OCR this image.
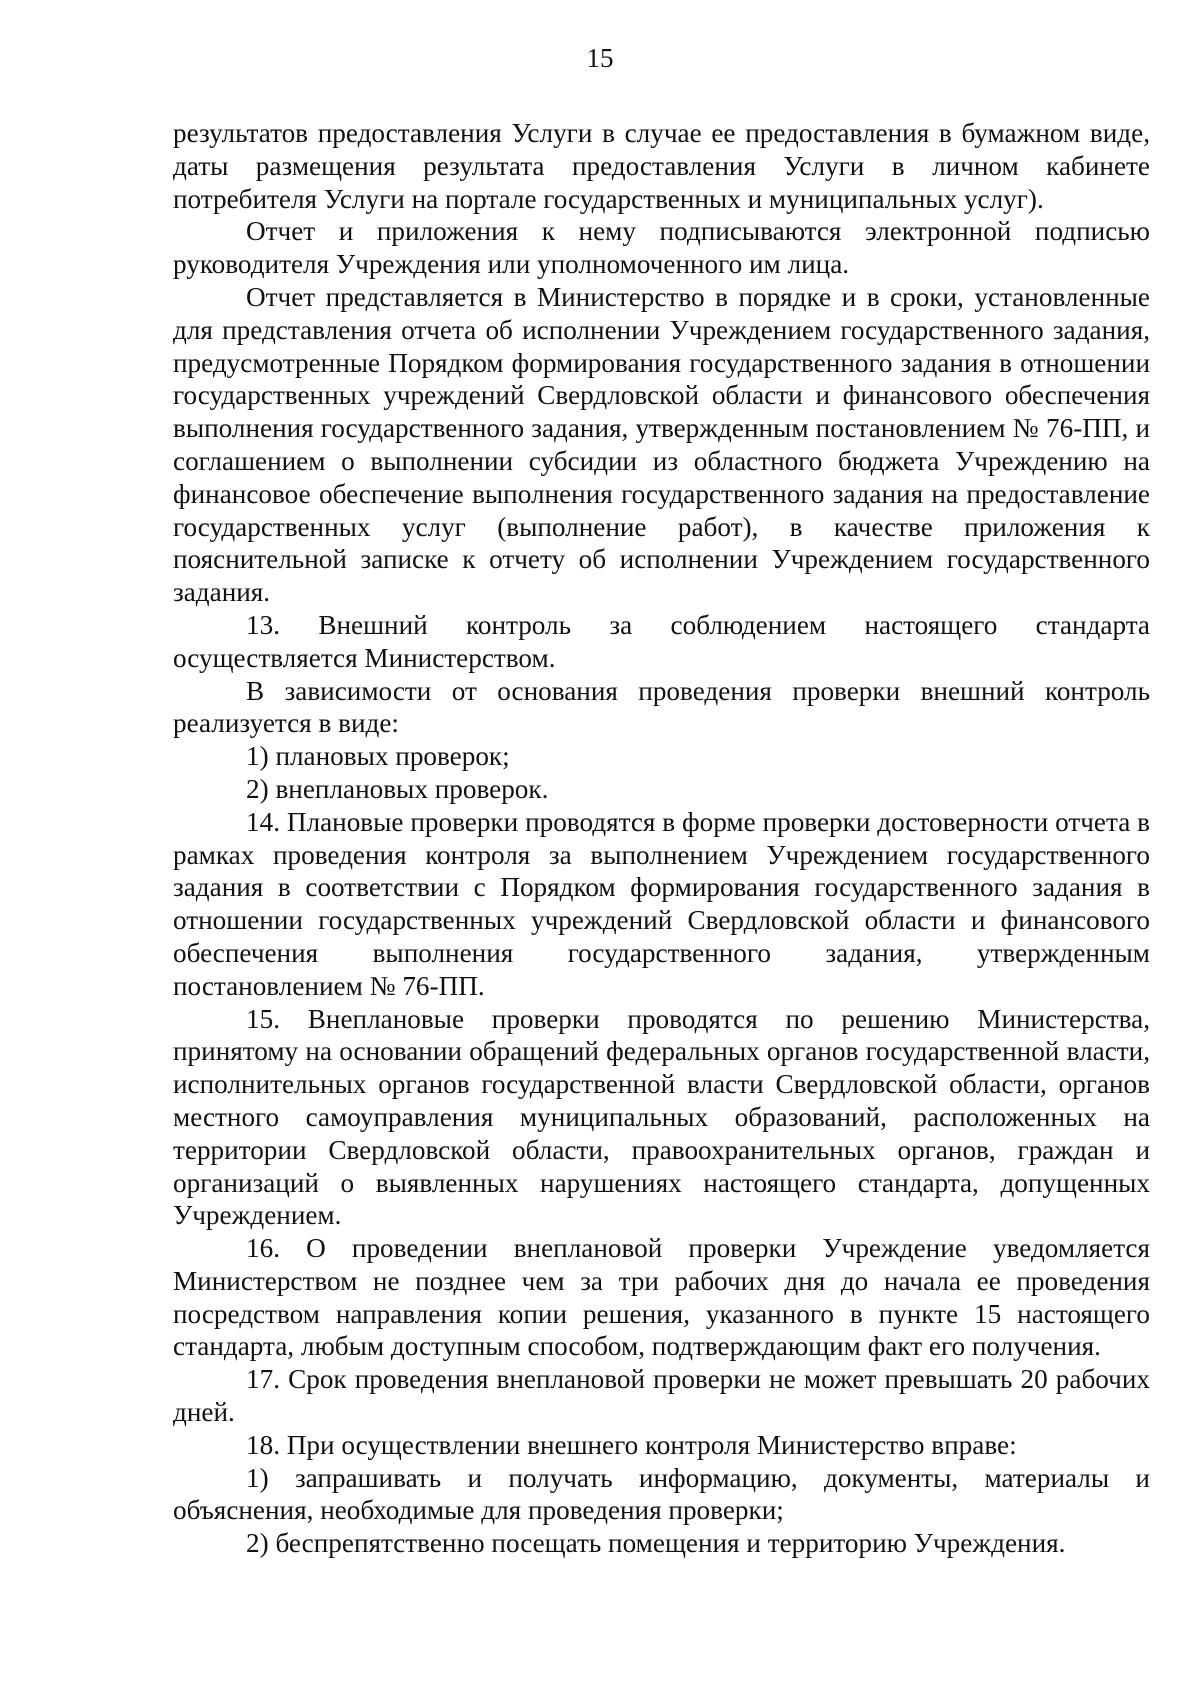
15

результатов предоставления Услуги в случае ее предоставления в бумажном виде, даты размещения результата предоставления Услуги в личном кабинете потребителя Услуги на портале государственных и муниципальных услуг).

Отчет и приложения к нему подписываются электронной подписью руководителя Учреждения или уполномоченного им лица.

Отчет представляется в Министерство в порядке и в сроки, установленные для представления отчета об исполнении Учреждением государственного задания, предусмотренные Порядком формирования государственного задания в отношении государственных учреждений Свердловской области и финансового обеспечения выполнения государственного задания, утвержденным постановлением № 76-ПП, и соглашением о выполнении субсидии из областного бюджета Учреждению на финансовое обеспечение выполнения государственного задания на предоставление государственных услуг (выполнение работ), в качестве приложения к пояснительной записке к отчету об исполнении Учреждением государственного задания.

13. Внешний контроль за соблюдением настоящего стандарта осуществляется Министерством.

В зависимости от основания проведения проверки внешний контроль реализуется в виде:

1) плановых проверок;

2) внеплановых проверок.

14. Плановые проверки проводятся в форме проверки достоверности отчета в рамках проведения контроля за выполнением Учреждением государственного задания в соответствии с Порядком формирования государственного задания в отношении государственных учреждений Свердловской области и финансового обеспечения выполнения государственного задания, утвержденным постановлением № 76-ПП.

15. Внеплановые проверки проводятся по решению Министерства, принятому на основании обращений федеральных органов государственной власти, исполнительных органов государственной власти Свердловской области, органов местного самоуправления муниципальных образований, расположенных на территории Свердловской области, правоохранительных органов, граждан и организаций о выявленных нарушениях настоящего стандарта, допущенных Учреждением.

16. О проведении внеплановой проверки Учреждение уведомляется Министерством не позднее чем за три рабочих дня до начала ее проведения посредством направления копии решения, указанного в пункте 15 настоящего стандарта, любым доступным способом, подтверждающим факт его получения.

17. Срок проведения внеплановой проверки не может превышать 20 рабочих дней.

18. При осуществлении внешнего контроля Министерство вправе:

1) запрашивать и получать информацию, документы, материалы и объяснения, необходимые для проведения проверки;

2) беспрепятственно посещать помещения и территорию Учреждения.
